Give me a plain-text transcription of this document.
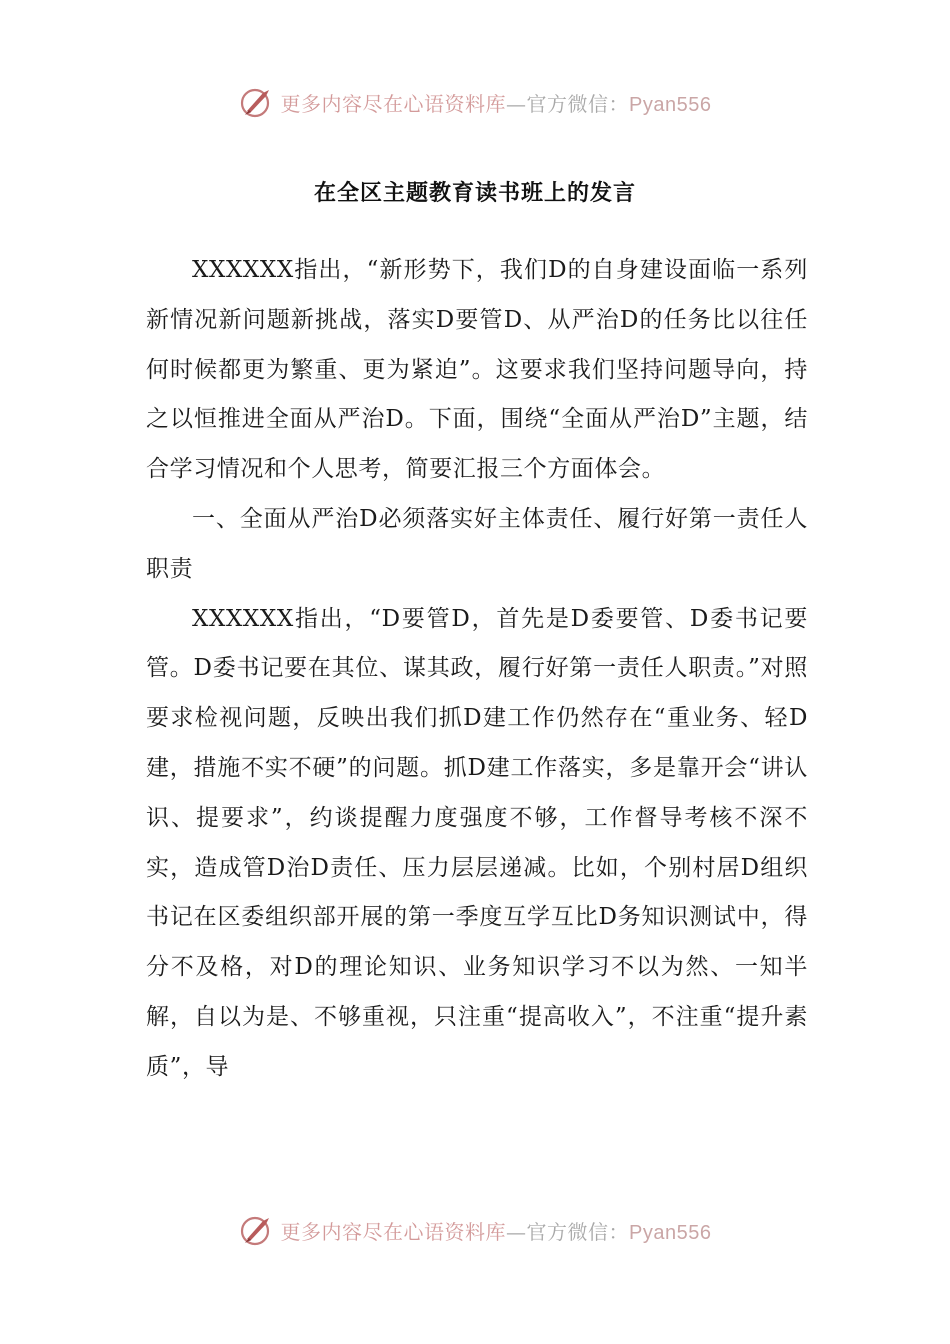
更多内容尽在心语资料库—官方微信：Pyan556
在全区主题教育读书班上的发言

XXXXXX指出，“新形势下，我们D的自身建设面临一系列新情况新问题新挑战，落实D要管D、从严治D的任务比以往任何时候都更为繁重、更为紧迫”。这要求我们坚持问题导向，持之以恒推进全面从严治D。下面，围绕“全面从严治D”主题，结合学习情况和个人思考，简要汇报三个方面体会。

一、全面从严治D必须落实好主体责任、履行好第一责任人职责

XXXXXX指出，“D要管D，首先是D委要管、D委书记要管。D委书记要在其位、谋其政，履行好第一责任人职责。”对照要求检视问题，反映出我们抓D建工作仍然存在“重业务、轻D建，措施不实不硬”的问题。抓D建工作落实，多是靠开会“讲认识、提要求”，约谈提醒力度强度不够，工作督导考核不深不实，造成管D治D责任、压力层层递减。比如，个别村居D组织书记在区委组织部开展的第一季度互学互比D务知识测试中，得分不及格，对D的理论知识、业务知识学习不以为然、一知半解，自以为是、不够重视，只注重“提高收入”，不注重“提升素质”，导

更多内容尽在心语资料库—官方微信：Pyan556
